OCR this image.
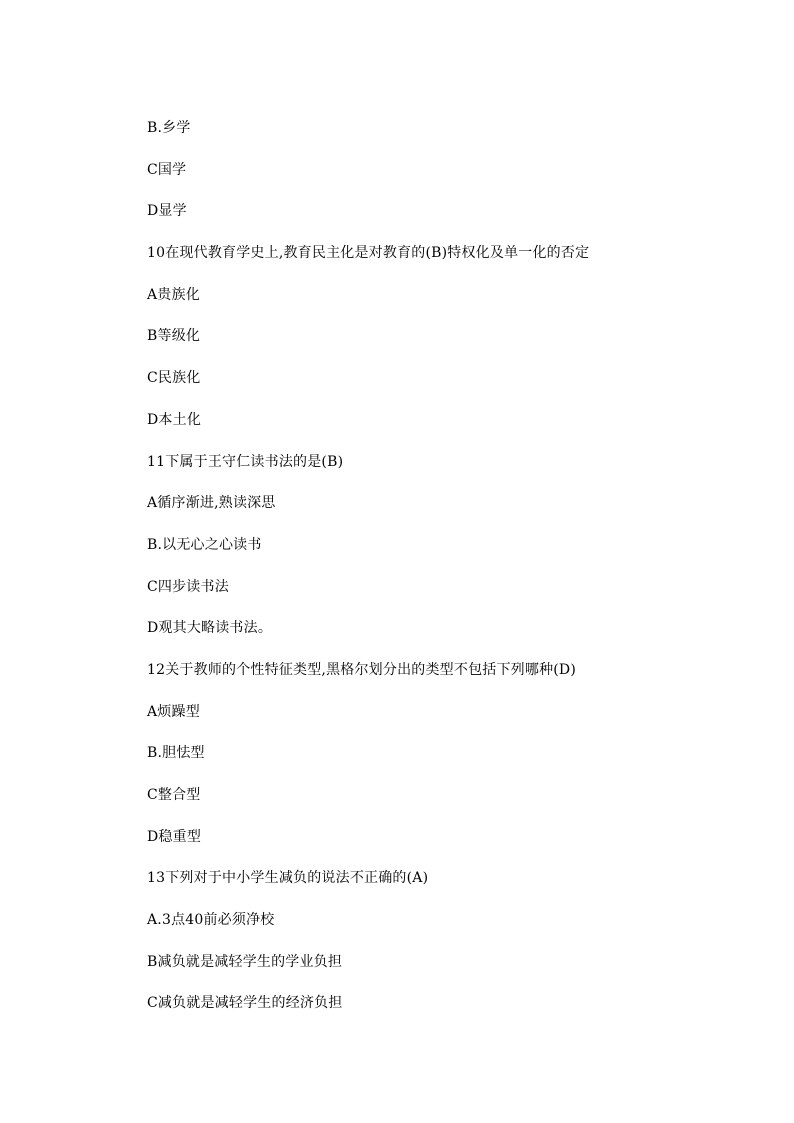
B.乡学
C国学
D显学
10在现代教育学史上,教育民主化是对教育的(B)特权化及单一化的否定
A贵族化
B等级化
C民族化
D本土化
11下属于王守仁读书法的是(B)
A循序渐进,熟读深思
B.以无心之心读书
C四步读书法
D观其大略读书法。
12关于教师的个性特征类型,黑格尔划分出的类型不包括下列哪种(D)
A烦躁型
B.胆怯型
C整合型
D稳重型
13下列对于中小学生减负的说法不正确的(A)
A.3点40前必须净校
B减负就是减轻学生的学业负担
C减负就是减轻学生的经济负担
